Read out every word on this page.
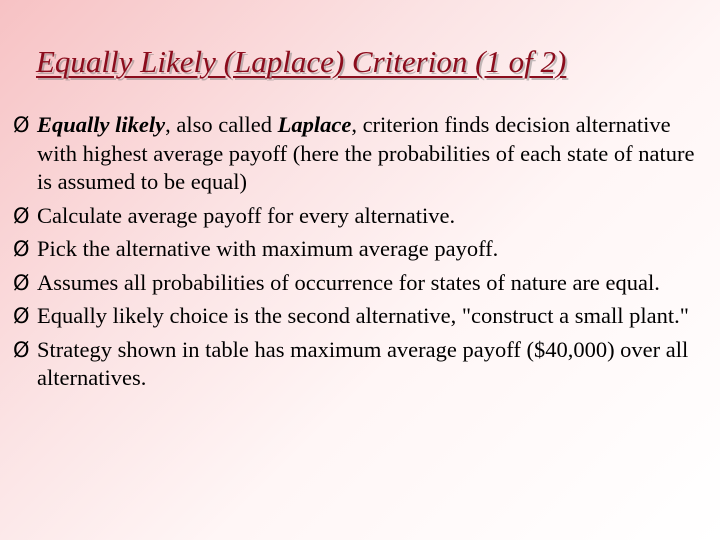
Equally Likely (Laplace) Criterion (1 of 2)
Ø Equally likely, also called Laplace, criterion finds decision alternative with highest average payoff (here the probabilities of each state of nature is assumed to be equal)
Ø Calculate average payoff for every alternative.
Ø Pick the alternative with maximum average payoff.
Ø Assumes all probabilities of occurrence for states of nature are equal.
Ø Equally likely choice is the second alternative, "construct a small plant."
Ø Strategy shown in table has maximum average payoff ($40,000) over all alternatives.
